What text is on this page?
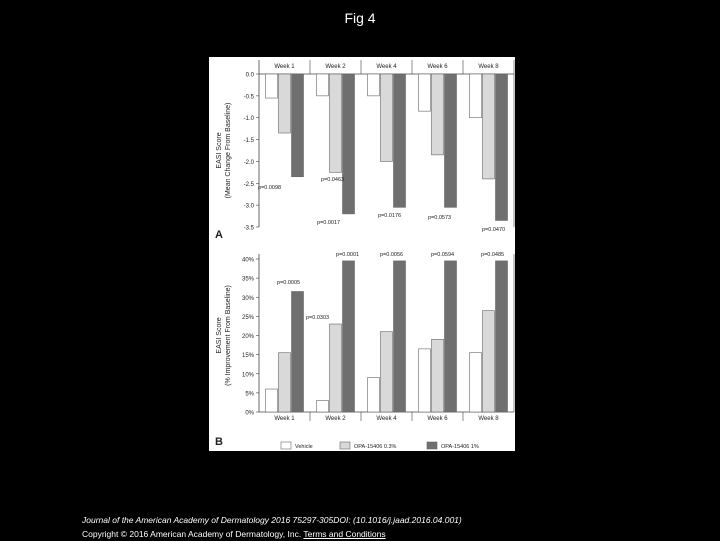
Fig 4
0.0
-0.5
-1.0
-1.5
-2.0
-2.5
-3.0
-3.5
Week 1	Week 2	Week 4	Week 6	Week 8
p=0.0098
p=0.0463
p=0.0017
p=0.0176	p=0.0573
p=0.0470
A
EASI Score (Mean Change From Baseline)
0%
5%
10%
15%
20%
25%
30%
35%
40%
Week 1	Week 2	Week 4	Week 6	Week 8
p=0.0005
p=0.0001
p=0.0303
p=0.0056	p=0.0594	p=0.0485
B
EASI Score (% Improvement From Baseline)
Vehicle	OPA-15406 0.3%	OPA-15406 1%
Journal of the American Academy of Dermatology 2016 75297-305DOI: (10.1016/j.jaad.2016.04.001)
Copyright © 2016 American Academy of Dermatology, Inc. Terms and Conditions
